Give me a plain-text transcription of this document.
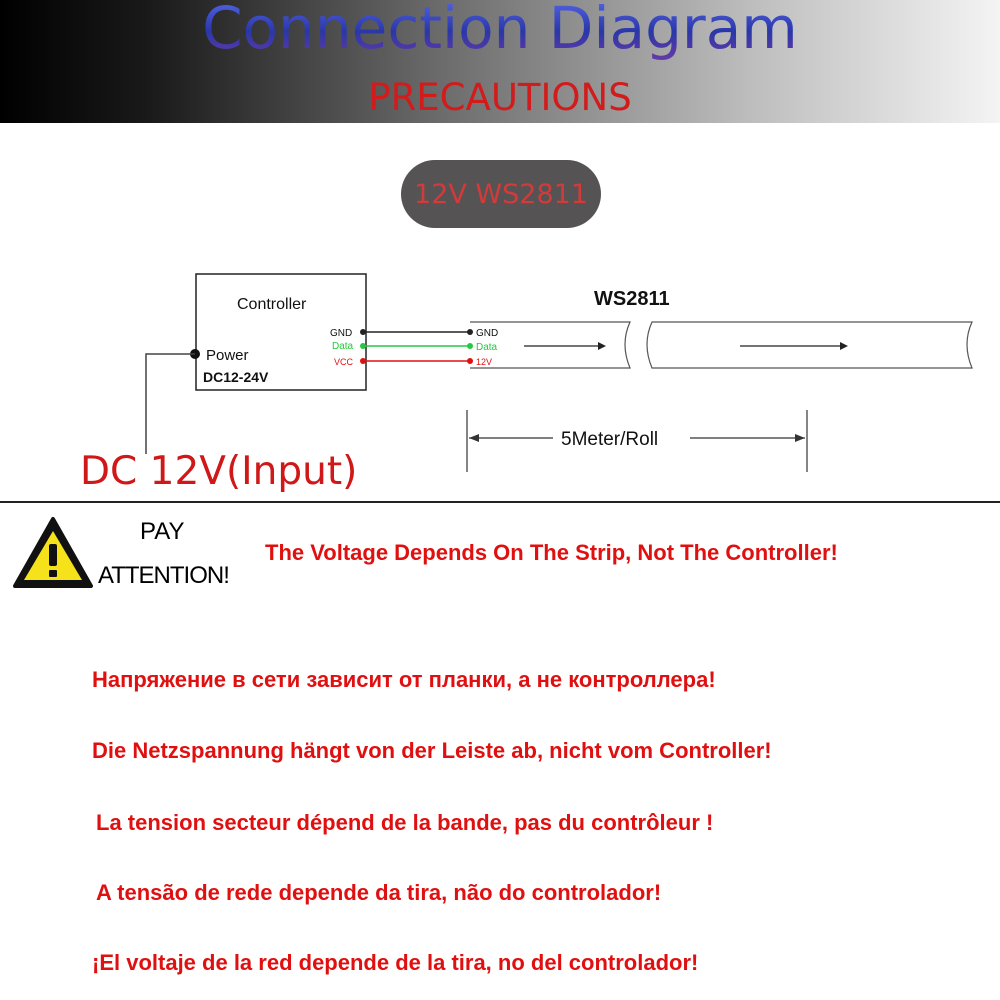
Connection Diagram
PRECAUTIONS
12V WS2811
Controller
Power
DC12-24V
GND
Data
VCC
WS2811
GND
Data
12V
5Meter/Roll
DC 12V(Input)
PAY
ATTENTION!
The Voltage Depends On The Strip, Not The Controller!
Напряжение в сети зависит от планки, а не контроллера!
Die Netzspannung hängt von der Leiste ab, nicht vom Controller!
La tension secteur dépend de la bande, pas du contrôleur !
A tensão de rede depende da tira, não do controlador!
¡El voltaje de la red depende de la tira, no del controlador!
